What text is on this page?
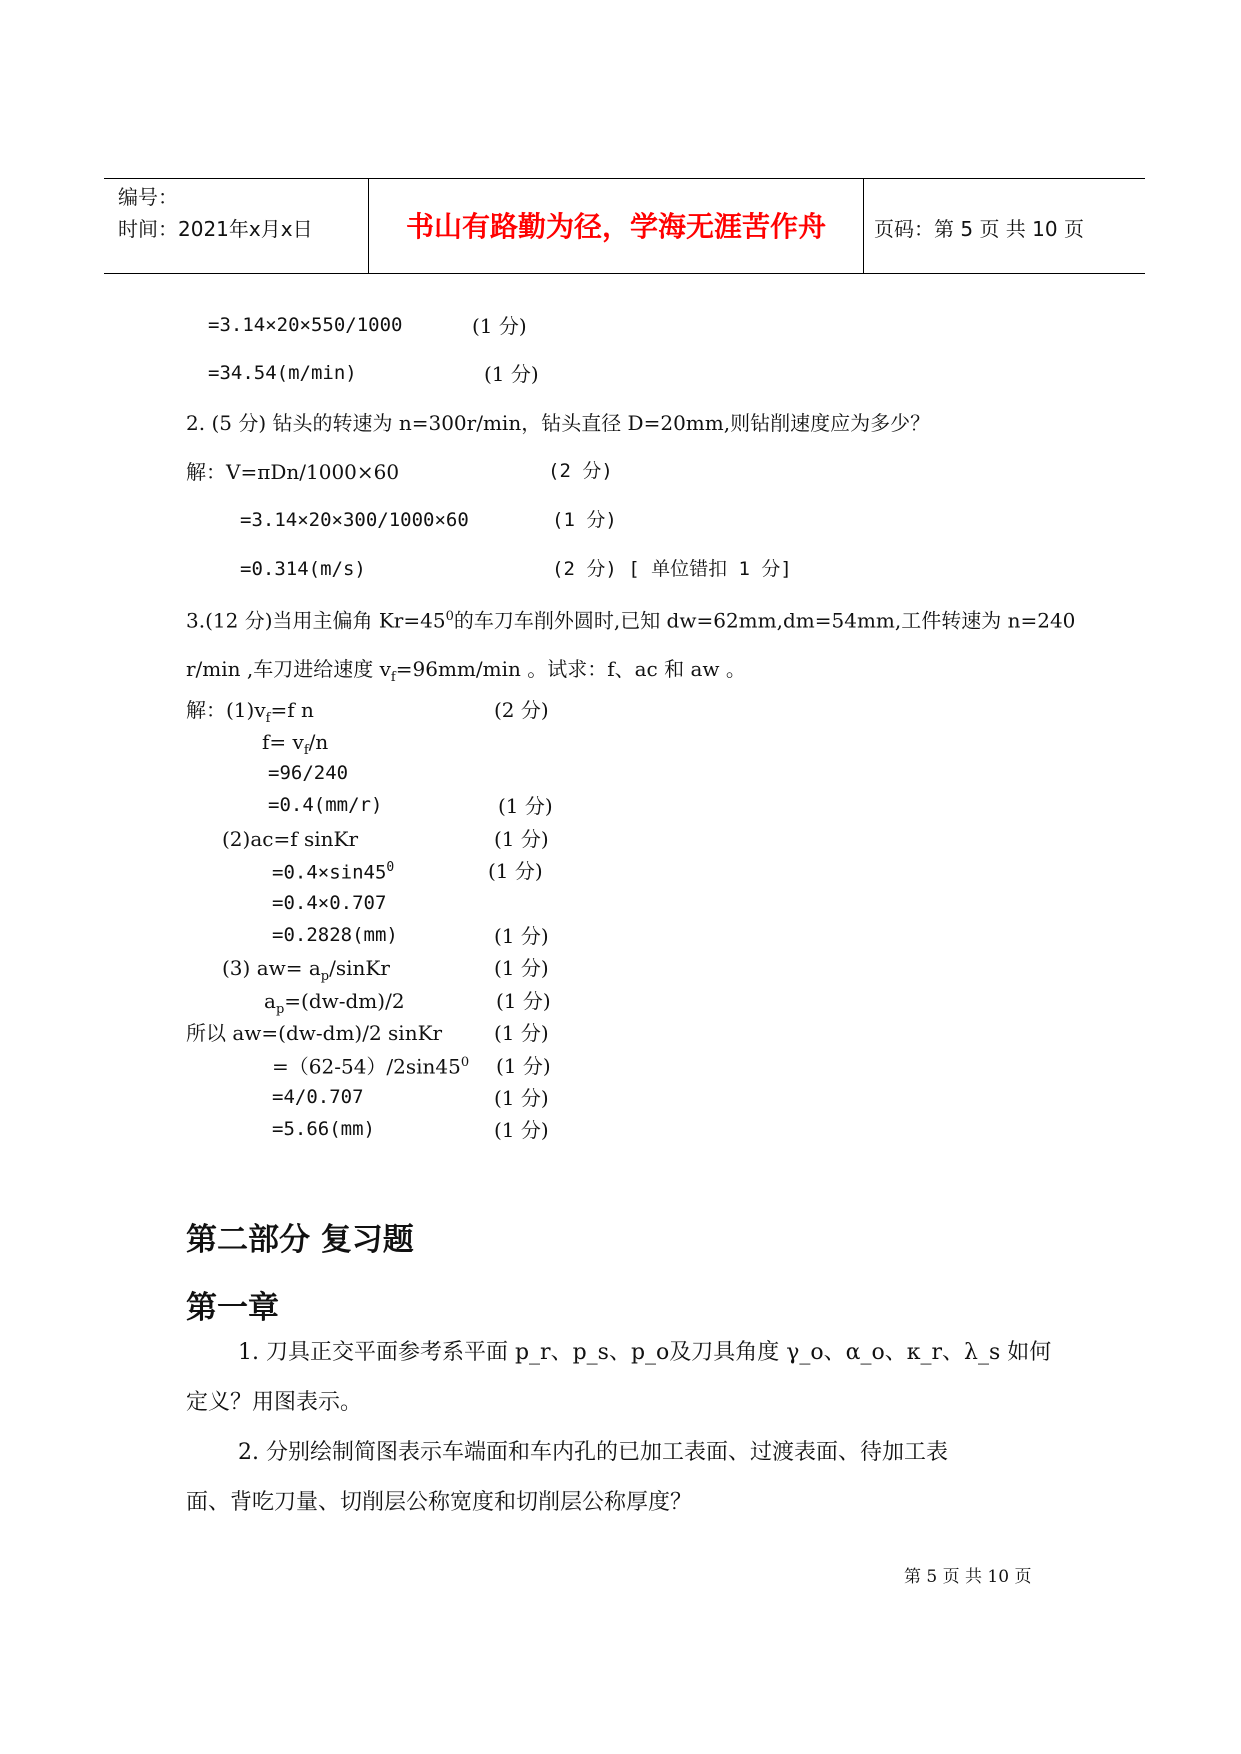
编号：
时间：2021年x月x日	书山有路勤为径，学海无涯苦作舟	页码：第 5 页 共 10 页
=3.14×20×550/1000	(1 分)
=34.54(m/min)	(1 分)
2. (5 分) 钻头的转速为 n=300r/min，钻头直径 D=20mm,则钻削速度应为多少？
解：V=πDn/1000×60	(2 分)
=3.14×20×300/1000×60	(1 分)
=0.314(m/s)	(2 分) [ 单位错扣 1 分]
3.(12 分)当用主偏角 $Kr=45^0$的车刀车削外圆时,已知 dw=62mm,dm=54mm,工件转速为 n=240
r/min ,车刀进给速度 $v_f=96mm/\min$ 。试求：f、ac 和 aw 。
解：$(1)v_f=f$ n	(2 分)
$f= v_f/n$
=96/240
=0.4(mm/r)	(1 分)
(2)ac=f sinKr	(1 分)
$=0.4\times\sin 45^0$	(1 分)
=0.4×0.707
=0.2828(mm)	(1 分)
(3) $aw= a_p$/sinKr	(1 分)
$a_p=(dw-dm)/2$	(1 分)
所以 aw=(dw-dm)/2 sinKr	(1 分)
$=(62-54)/2\sin 45^0$ (1 分)
=4/0.707	(1 分)
=5.66(mm)	(1 分)
第二部分 复习题
第一章
1. 刀具正交平面参考系平面 p_r、p_s、p_o及刀具角度 γ_o、α_o、κ_r、λ_s 如何
定义？用图表示。
2. 分别绘制简图表示车端面和车内孔的已加工表面、过渡表面、待加工表
面、背吃刀量、切削层公称宽度和切削层公称厚度？
第 5 页 共 10 页
